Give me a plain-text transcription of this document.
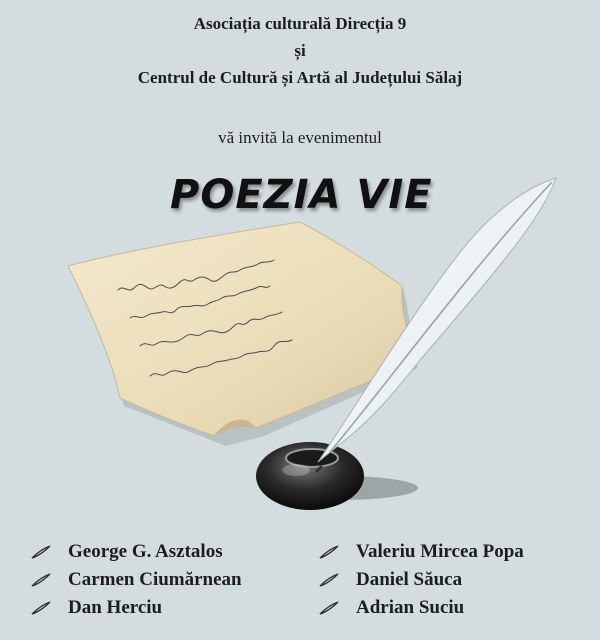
Asociația culturală Direcția 9
și
Centrul de Cultură și Artă al Județului Sălaj
vă invită la evenimentul
POEZIA VIE
George G. Asztalos
Carmen Ciumărnean
Dan Herciu
Valeriu Mircea Popa
Daniel Săuca
Adrian Suciu
